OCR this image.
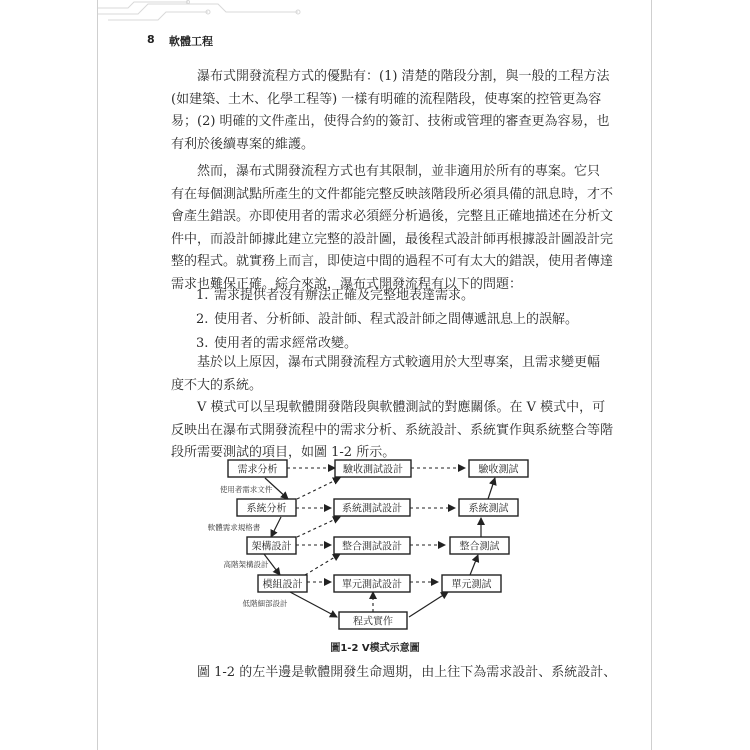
8 軟體工程

瀑布式開發流程方式的優點有：(1) 清楚的階段分割，與一般的工程方法
(如建築、土木、化學工程等) 一樣有明確的流程階段，使專案的控管更為容
易；(2) 明確的文件產出，使得合約的簽訂、技術或管理的審查更為容易，也
有利於後續專案的維護。

然而，瀑布式開發流程方式也有其限制，並非適用於所有的專案。它只
有在每個測試點所產生的文件都能完整反映該階段所必須具備的訊息時，才不
會產生錯誤。亦即使用者的需求必須經分析過後，完整且正確地描述在分析文
件中，而設計師據此建立完整的設計圖，最後程式設計師再根據設計圖設計完
整的程式。就實務上而言，即使這中間的過程不可有太大的錯誤，使用者傳達
需求也難保正確。綜合來說，瀑布式開發流程有以下的問題：

1. 需求提供者沒有辦法正確及完整地表達需求。
2. 使用者、分析師、設計師、程式設計師之間傳遞訊息上的誤解。
3. 使用者的需求經常改變。

基於以上原因，瀑布式開發流程方式較適用於大型專案，且需求變更幅
度不大的系統。

V 模式可以呈現軟體開發階段與軟體測試的對應關係。在 V 模式中，可
反映出在瀑布式開發流程中的需求分析、系統設計、系統實作與系統整合等階
段所需要測試的項目，如圖 1-2 所示。

需求分析
系統分析
架構設計
模組設計
驗收測試設計
系統測試設計
整合測試設計
單元測試設計
驗收測試
系統測試
整合測試
單元測試
程式實作
使用者需求文件
軟體需求規格書
高階架構設計
低階細部設計
圖1-2 V模式示意圖

圖 1-2 的左半邊是軟體開發生命週期，由上往下為需求設計、系統設計、
